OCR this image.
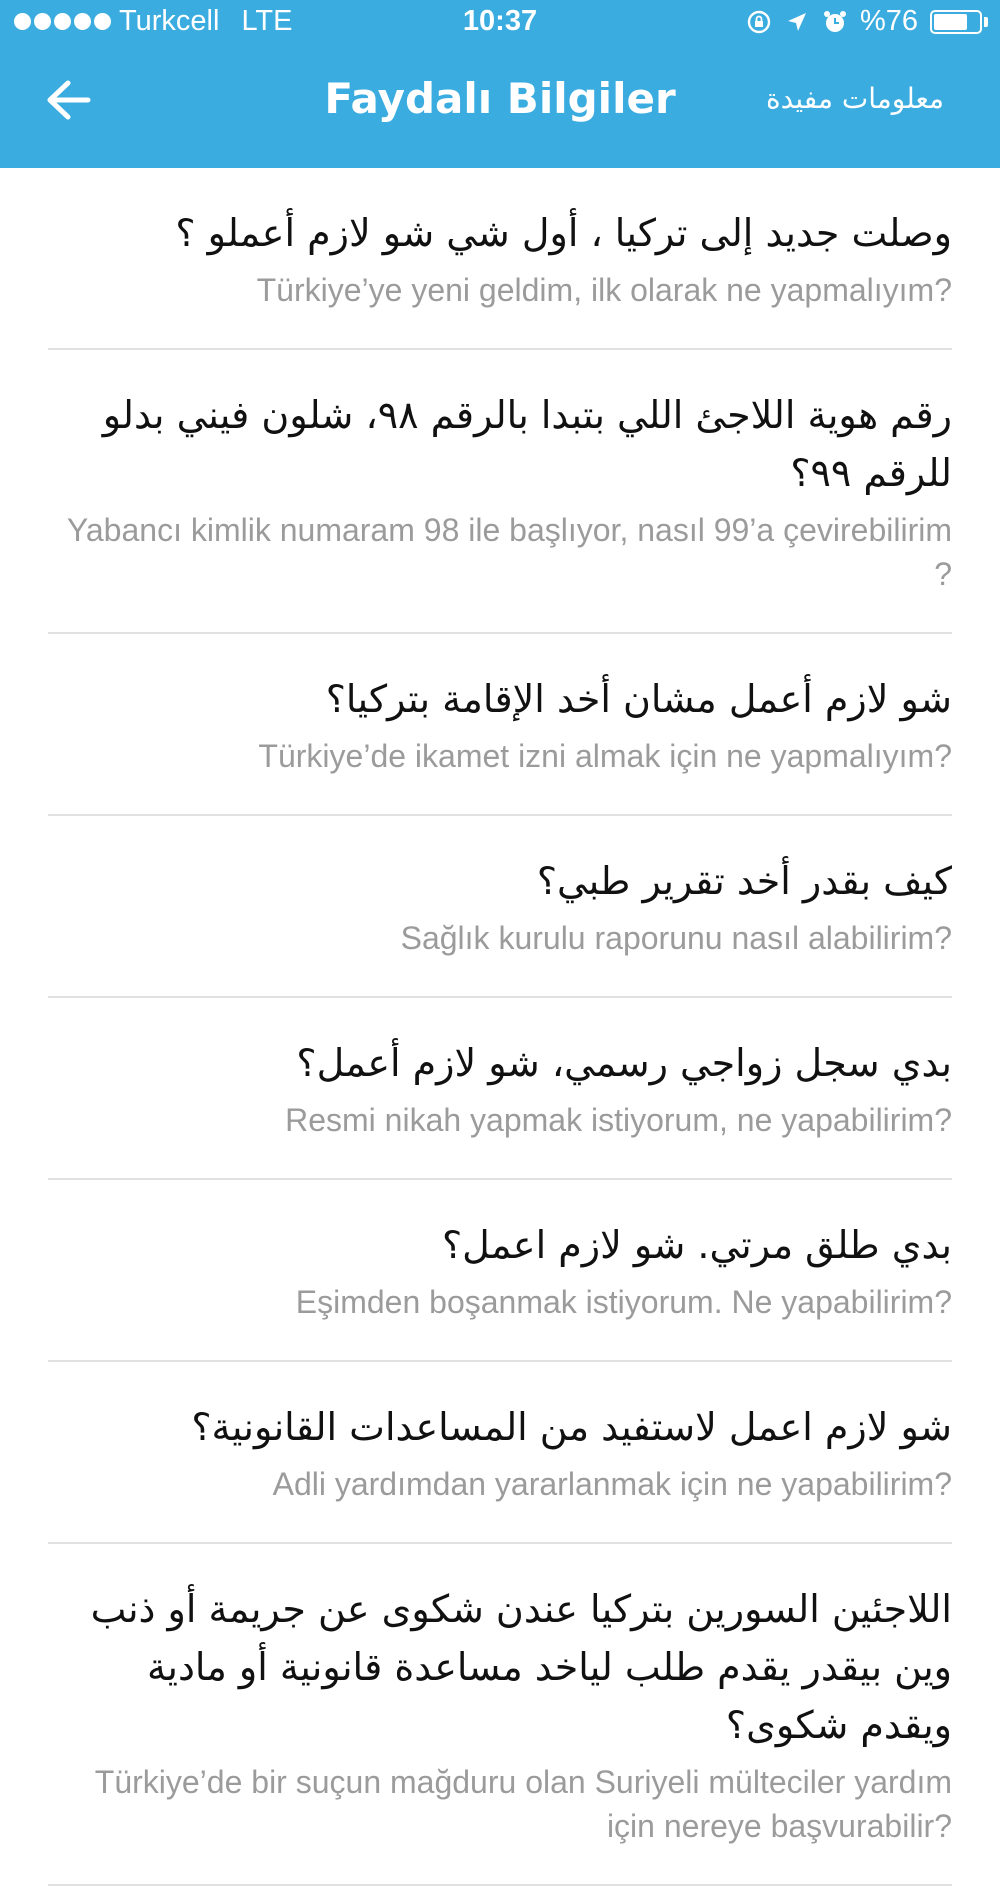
Turkcell LTE	10:37	%76
Faydalı Bilgiler	معلومات مفيدة
وصلت جديد إلى تركيا ، أول شي شو لازم أعملو ؟
Türkiye’ye yeni geldim, ilk olarak ne yapmalıyım?
رقم هوية اللاجئ اللي بتبدا بالرقم ٩٨، شلون فيني بدلو للرقم ٩٩؟
Yabancı kimlik numaram 98 ile başlıyor, nasıl 99’a çevirebilirim ?
شو لازم أعمل مشان أخد الإقامة بتركيا؟
Türkiye’de ikamet izni almak için ne yapmalıyım?
كيف بقدر أخد تقرير طبي؟
Sağlık kurulu raporunu nasıl alabilirim?
بدي سجل زواجي رسمي، شو لازم أعمل؟
Resmi nikah yapmak istiyorum, ne yapabilirim?
بدي طلق مرتي. شو لازم اعمل؟
Eşimden boşanmak istiyorum. Ne yapabilirim?
شو لازم اعمل لاستفيد من المساعدات القانونية؟
Adli yardımdan yararlanmak için ne yapabilirim?
اللاجئين السورين بتركيا عندن شكوى عن جريمة أو ذنب وين بيقدر يقدم طلب لياخد مساعدة قانونية أو مادية ويقدم شكوى؟
Türkiye’de bir suçun mağduru olan Suriyeli mülteciler yardım için nereye başvurabilir?
